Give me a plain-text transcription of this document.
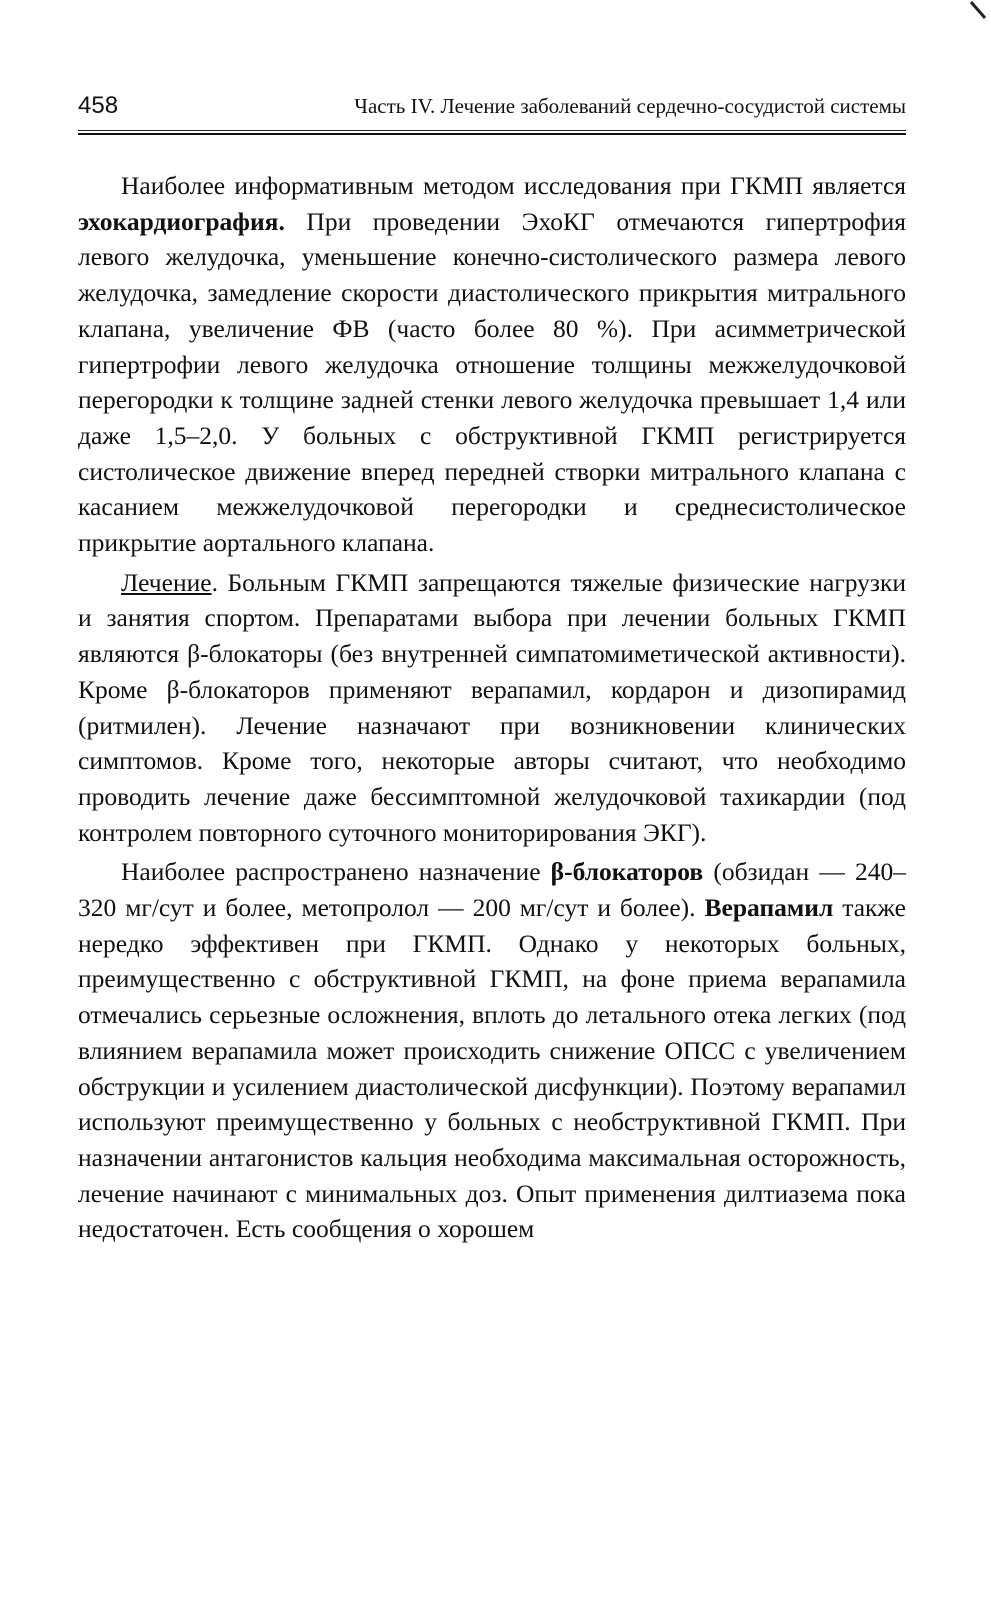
458	Часть IV. Лечение заболеваний сердечно-сосудистой системы

Наиболее информативным методом исследования при ГКМП является эхокардиография. При проведении ЭхоКГ отмечаются гипертрофия левого желудочка, уменьшение конечно-систолического размера левого желудочка, замедление скорости диастолического прикрытия митрального клапана, увеличение ФВ (часто более 80 %). При асимметрической гипертрофии левого желудочка отношение толщины межжелудочковой перегородки к толщине задней стенки левого желудочка превышает 1,4 или даже 1,5–2,0. У больных с обструктивной ГКМП регистрируется систолическое движение вперед передней створки митрального клапана с касанием межжелудочковой перегородки и среднесистолическое прикрытие аортального клапана.

Лечение. Больным ГКМП запрещаются тяжелые физические нагрузки и занятия спортом. Препаратами выбора при лечении больных ГКМП являются β-блокаторы (без внутренней симпатомиметической активности). Кроме β-блокаторов применяют верапамил, кордарон и дизопирамид (ритмилен). Лечение назначают при возникновении клинических симптомов. Кроме того, некоторые авторы считают, что необходимо проводить лечение даже бессимптомной желудочковой тахикардии (под контролем повторного суточного мониторирования ЭКГ).

Наиболее распространено назначение β-блокаторов (обзидан — 240–320 мг/сут и более, метопролол — 200 мг/сут и более). Верапамил также нередко эффективен при ГКМП. Однако у некоторых больных, преимущественно с обструктивной ГКМП, на фоне приема верапамила отмечались серьезные осложнения, вплоть до летального отека легких (под влиянием верапамила может происходить снижение ОПСС с увеличением обструкции и усилением диастолической дисфункции). Поэтому верапамил используют преимущественно у больных с необструктивной ГКМП. При назначении антагонистов кальция необходима максимальная осторожность, лечение начинают с минимальных доз. Опыт применения дилтиазема пока недостаточен. Есть сообщения о хорошем
